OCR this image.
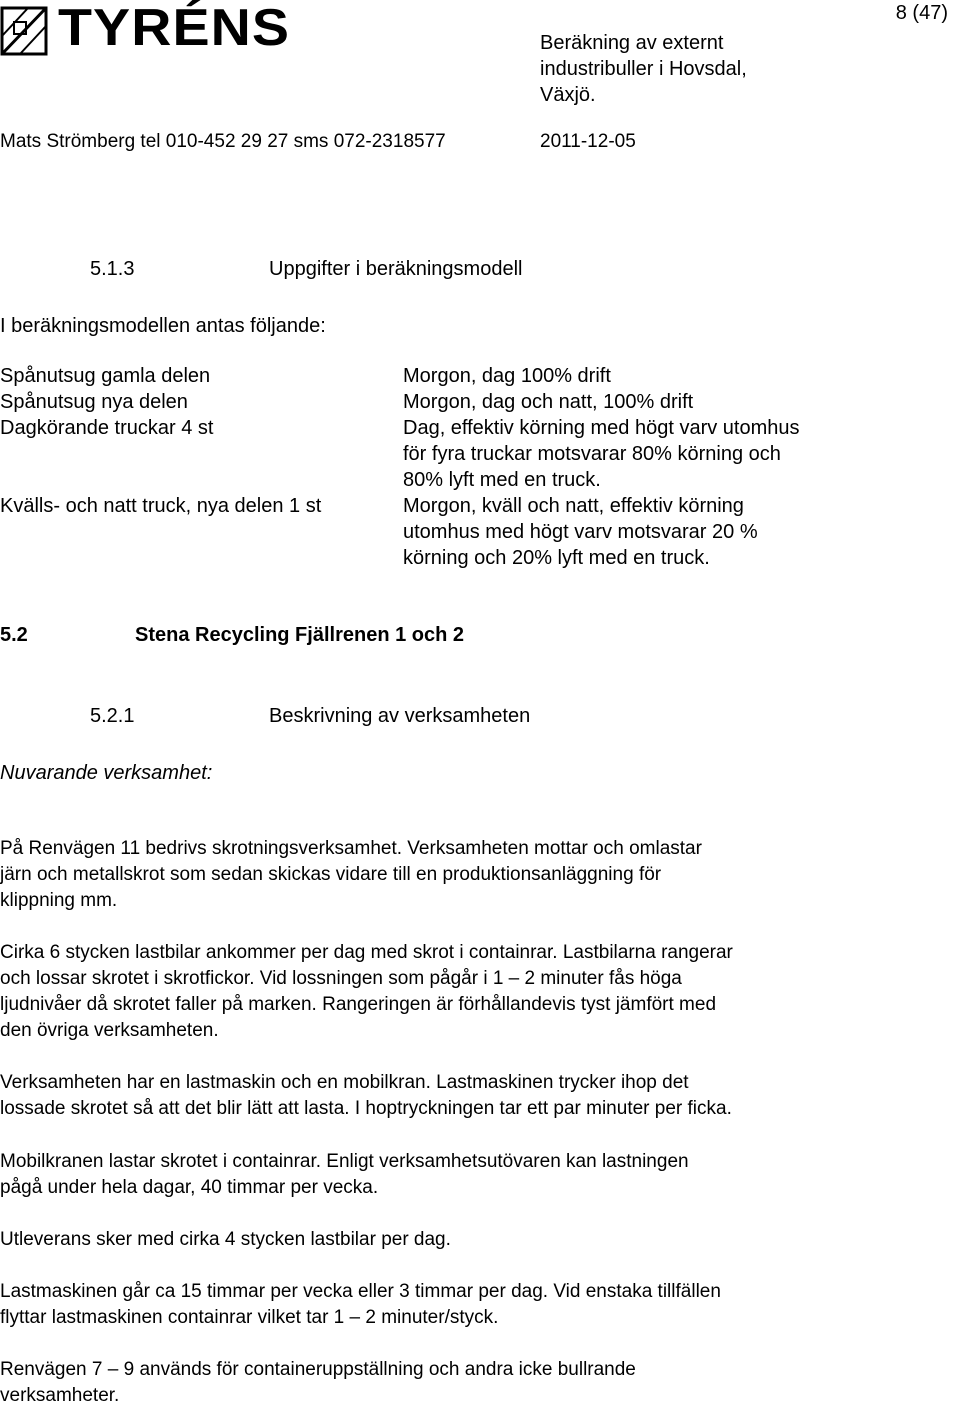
TYRÉNS	8 (47)
Beräkning av externt
industribuller i Hovsdal,
Växjö.
Mats Strömberg tel 010-452 29 27 sms 072-2318577	2011-12-05
5.1.3	Uppgifter i beräkningsmodell
I beräkningsmodellen antas följande:
Spånutsug gamla delen	Morgon, dag 100% drift
Spånutsug nya delen	Morgon, dag och natt, 100% drift
Dagkörande truckar 4 st	Dag, effektiv körning med högt varv utomhus
för fyra truckar motsvarar 80% körning och
80% lyft med en truck.
Kvälls- och natt truck, nya delen 1 st	Morgon, kväll och natt, effektiv körning
utomhus med högt varv motsvarar 20 %
körning och 20% lyft med en truck.
5.2	Stena Recycling Fjällrenen 1 och 2
5.2.1	Beskrivning av verksamheten
Nuvarande verksamhet:
På Renvägen 11 bedrivs skrotningsverksamhet. Verksamheten mottar och omlastar
järn och metallskrot som sedan skickas vidare till en produktionsanläggning för
klippning mm.
Cirka 6 stycken lastbilar ankommer per dag med skrot i containrar. Lastbilarna rangerar
och lossar skrotet i skrotfickor. Vid lossningen som pågår i 1 – 2 minuter fås höga
ljudnivåer då skrotet faller på marken. Rangeringen är förhållandevis tyst jämfört med
den övriga verksamheten.
Verksamheten har en lastmaskin och en mobilkran. Lastmaskinen trycker ihop det
lossade skrotet så att det blir lätt att lasta. I hoptryckningen tar ett par minuter per ficka.
Mobilkranen lastar skrotet i containrar. Enligt verksamhetsutövaren kan lastningen
pågå under hela dagar, 40 timmar per vecka.
Utleverans sker med cirka 4 stycken lastbilar per dag.
Lastmaskinen går ca 15 timmar per vecka eller 3 timmar per dag. Vid enstaka tillfällen
flyttar lastmaskinen containrar vilket tar 1 – 2 minuter/styck.
Renvägen 7 – 9 används för containeruppställning och andra icke bullrande
verksamheter.
